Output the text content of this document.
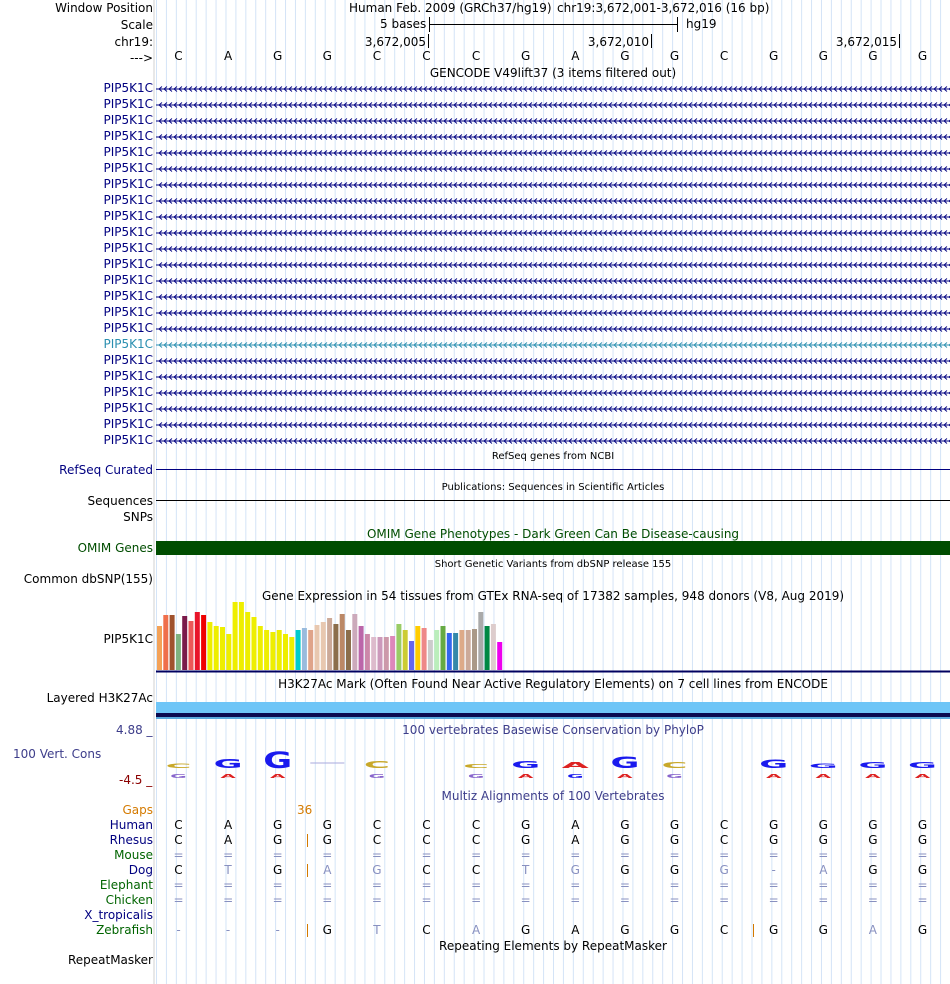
Window Position
Scale
chr19:
--->
Human Feb. 2009 (GRCh37/hg19) chr19:3,672,001-3,672,016 (16 bp)
5 bases	hg19
3,672,005	3,672,010	3,672,015
C	A	G	G	C	C	C	G	A	G	G	C	G	G	G	G
GENCODE V49lift37 (3 items filtered out)
PIP5K1C
PIP5K1C
PIP5K1C
PIP5K1C
PIP5K1C
PIP5K1C
PIP5K1C
PIP5K1C
PIP5K1C
PIP5K1C
PIP5K1C
PIP5K1C
PIP5K1C
PIP5K1C
PIP5K1C
PIP5K1C
PIP5K1C
PIP5K1C
PIP5K1C
PIP5K1C
PIP5K1C
PIP5K1C
PIP5K1C
RefSeq genes from NCBI
RefSeq Curated
Publications: Sequences in Scientific Articles
Sequences
SNPs
OMIM Gene Phenotypes - Dark Green Can Be Disease-causing
OMIM Genes
Short Genetic Variants from dbSNP release 155
Common dbSNP(155)
Gene Expression in 54 tissues from GTEx RNA-seq of 17382 samples, 948 donors (V8, Aug 2019)
PIP5K1C
H3K27Ac Mark (Often Found Near Active Regulatory Elements) on 7 cell lines from ENCODE
Layered H3K27Ac
100 vertebrates Basewise Conservation by PhyloP
4.88 _
100 Vert. Cons
-4.5 _
C
G
G
A
G
A
C
G
C
G
G
A
A
G
G
A
C
G
G
A
G
A
G
A
G
A
Multiz Alignments of 100 Vertebrates
Gaps	36
Human	C	A	G	G	C	C	C	G	A	G	G	C	G	G	G	G
Rhesus	C	A	G	G	C	C	C	G	A	G	G	C	G	G	G	G
Mouse	=	=	=	=	=	=	=	=	=	=	=	=	=	=	=	=
Dog	C	T	G	A	G	C	C	T	G	G	G	G	-	A	G	G
Elephant	=	=	=	=	=	=	=	=	=	=	=	=	=	=	=	=
Chicken	=	=	=	=	=	=	=	=	=	=	=	=	=	=	=	=
X_tropicalis
Zebrafish	-	-	-	G	T	C	A	G	A	G	G	C	G	G	A	G
Repeating Elements by RepeatMasker
RepeatMasker
